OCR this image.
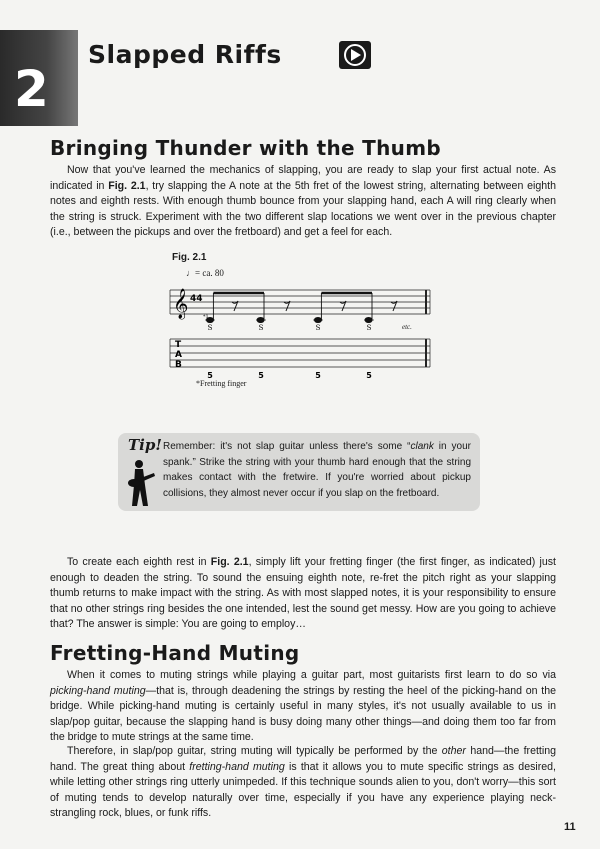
2
Slapped Riffs
Bringing Thunder with the Thumb

Now that you've learned the mechanics of slapping, you are ready to slap your first actual note. As indicated in Fig. 2.1, try slapping the A note at the 5th fret of the lowest string, alternating between eighth notes and eighth rests. With enough thumb bounce from your slapping hand, each A will ring clearly when the string is struck. Experiment with the two different slap locations we went over in the previous chapter (i.e., between the pickups and over the fretboard) and get a feel for each.

Fig. 2.1

♩= ca. 80
𝄞 44
*1
S	S	S	S
T
A
B
5	5	5	5
etc.
*Fretting finger

Tip! Remember: it's not slap guitar unless there's some “clank in your spank.” Strike the string with your thumb hard enough that the string makes contact with the fretwire. If you're worried about pickup collisions, they almost never occur if you slap on the fretboard.

To create each eighth rest in Fig. 2.1, simply lift your fretting finger (the first finger, as indicated) just enough to deaden the string. To sound the ensuing eighth note, re-fret the pitch right as your slapping thumb returns to make impact with the string. As with most slapped notes, it is your responsibility to ensure that no other strings ring besides the one intended, lest the sound get messy. How are you going to achieve that? The answer is simple: You are going to employ…

Fretting-Hand Muting

When it comes to muting strings while playing a guitar part, most guitarists first learn to do so via picking-hand muting—that is, through deadening the strings by resting the heel of the picking-hand on the bridge. While picking-hand muting is certainly useful in many styles, it's not usually available to us in slap/pop guitar, because the slapping hand is busy doing many other things—and doing them too far from the bridge to mute strings at the same time.

Therefore, in slap/pop guitar, string muting will typically be performed by the other hand—the fretting hand. The great thing about fretting-hand muting is that it allows you to mute specific strings as desired, while letting other strings ring utterly unimpeded. If this technique sounds alien to you, don't worry—this sort of muting tends to develop naturally over time, especially if you have any experience playing neck-strangling rock, blues, or funk riffs.

11
